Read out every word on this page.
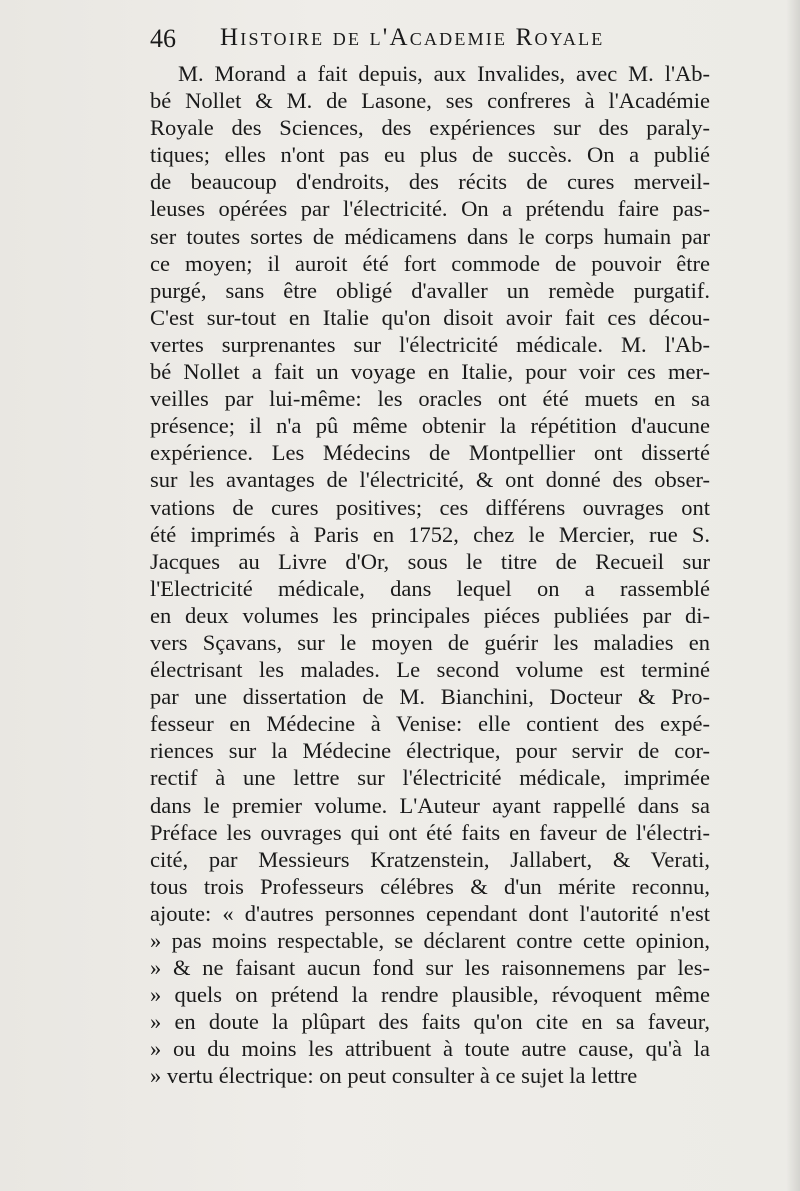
46 Histoire de l'Academie Royale
M. Morand a fait depuis, aux Invalides, avec M. l'Ab-
bé Nollet & M. de Lasone, ses confreres à l'Académie
Royale des Sciences, des expériences sur des paraly-
tiques; elles n'ont pas eu plus de succès. On a publié
de beaucoup d'endroits, des récits de cures merveil-
leuses opérées par l'électricité. On a prétendu faire pas-
ser toutes sortes de médicamens dans le corps humain par
ce moyen; il auroit été fort commode de pouvoir être
purgé, sans être obligé d'avaller un remède purgatif.
C'est sur-tout en Italie qu'on disoit avoir fait ces décou-
vertes surprenantes sur l'électricité médicale. M. l'Ab-
bé Nollet a fait un voyage en Italie, pour voir ces mer-
veilles par lui-même: les oracles ont été muets en sa
présence; il n'a pû même obtenir la répétition d'aucune
expérience. Les Médecins de Montpellier ont disserté
sur les avantages de l'électricité, & ont donné des obser-
vations de cures positives; ces différens ouvrages ont
été imprimés à Paris en 1752, chez le Mercier, rue S.
Jacques au Livre d'Or, sous le titre de Recueil sur
l'Electricité médicale, dans lequel on a rassemblé
en deux volumes les principales piéces publiées par di-
vers Sçavans, sur le moyen de guérir les maladies en
électrisant les malades. Le second volume est terminé
par une dissertation de M. Bianchini, Docteur & Pro-
fesseur en Médecine à Venise: elle contient des expé-
riences sur la Médecine électrique, pour servir de cor-
rectif à une lettre sur l'électricité médicale, imprimée
dans le premier volume. L'Auteur ayant rappellé dans sa
Préface les ouvrages qui ont été faits en faveur de l'électri-
cité, par Messieurs Kratzenstein, Jallabert, & Verati,
tous trois Professeurs célébres & d'un mérite reconnu,
ajoute: « d'autres personnes cependant dont l'autorité n'est
» pas moins respectable, se déclarent contre cette opinion,
» & ne faisant aucun fond sur les raisonnemens par les-
» quels on prétend la rendre plausible, révoquent même
» en doute la plûpart des faits qu'on cite en sa faveur,
» ou du moins les attribuent à toute autre cause, qu'à la
» vertu électrique: on peut consulter à ce sujet la lettre
